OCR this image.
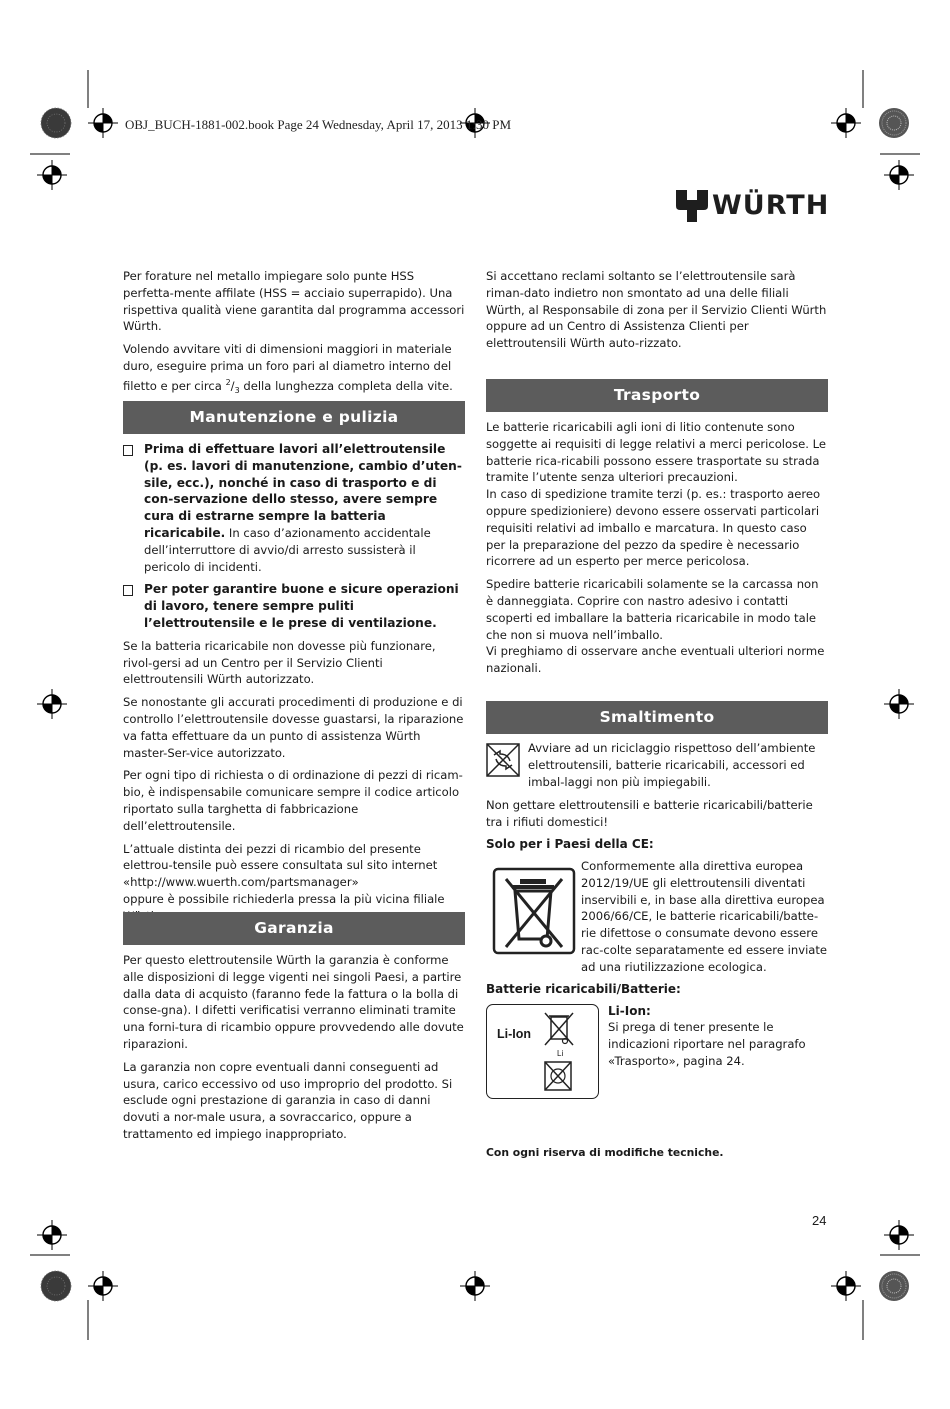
OBJ_BUCH-1881-002.book Page 24 Wednesday, April 17, 2013 1:30 PM
WÜRTH

Per forature nel metallo impiegare solo punte HSS perfetta-mente affilate (HSS = acciaio superrapido). Una rispettiva qualità viene garantita dal programma accessori Würth.

Volendo avvitare viti di dimensioni maggiori in materiale duro, eseguire prima un foro pari al diametro interno del filetto e per circa $^2/_3$ della lunghezza completa della vite.

Manutenzione e pulizia
Prima di effettuare lavori all’elettroutensile (p. es. lavori di manutenzione, cambio d’uten-sile, ecc.), nonché in caso di trasporto e di con-servazione dello stesso, avere sempre cura di estrarne sempre la batteria ricaricabile. In caso d’azionamento accidentale dell’interruttore di avvio/di arresto sussisterà il pericolo di incidenti.
Per poter garantire buone e sicure operazioni di lavoro, tenere sempre puliti l’elettroutensile e le prese di ventilazione.

Se la batteria ricaricabile non dovesse più funzionare, rivol-gersi ad un Centro per il Servizio Clienti elettroutensili Würth autorizzato.

Se nonostante gli accurati procedimenti di produzione e di controllo l’elettroutensile dovesse guastarsi, la riparazione va fatta effettuare da un punto di assistenza Würth master-Ser-vice autorizzato.

Per ogni tipo di richiesta o di ordinazione di pezzi di ricam-bio, è indispensabile comunicare sempre il codice articolo riportato sulla targhetta di fabbricazione dell’elettroutensile.

L’attuale distinta dei pezzi di ricambio del presente elettrou-tensile può essere consultata sul sito internet
«http://www.wuerth.com/partsmanager»
oppure è possibile richiederla pressa la più vicina filiale

Garanzia

Per questo elettroutensile Würth la garanzia è conforme alle disposizioni di legge vigenti nei singoli Paesi, a partire dalla data di acquisto (faranno fede la fattura o la bolla di conse-gna). I difetti verificatisi verranno eliminati tramite una forni-tura di ricambio oppure provvedendo alle dovute riparazioni.

La garanzia non copre eventuali danni conseguenti ad usura, carico eccessivo od uso improprio del prodotto. Si esclude ogni prestazione di garanzia in caso di danni dovuti a nor-male usura, a sovraccarico, oppure a trattamento ed impiego inappropriato.

Si accettano reclami soltanto se l’elettroutensile sarà riman-dato indietro non smontato ad una delle filiali Würth, al Responsabile di zona per il Servizio Clienti Würth oppure ad un Centro di Assistenza Clienti per elettroutensili Würth auto-rizzato.

Trasporto

Le batterie ricaricabili agli ioni di litio contenute sono soggette ai requisiti di legge relativi a merci pericolose. Le batterie rica-ricabili possono essere trasportate su strada tramite l’utente senza ulteriori precauzioni.
In caso di spedizione tramite terzi (p. es.: trasporto aereo oppure spedizioniere) devono essere osservati particolari requisiti relativi ad imballo e marcatura. In questo caso per la preparazione del pezzo da spedire è necessario ricorrere ad un esperto per merce pericolosa.

Spedire batterie ricaricabili solamente se la carcassa non è danneggiata. Coprire con nastro adesivo i contatti scoperti ed imballare la batteria ricaricabile in modo tale che non si muova nell’imballo.
Vi preghiamo di osservare anche eventuali ulteriori norme nazionali.

Smaltimento

Avviare ad un riciclaggio rispettoso dell’ambiente elettroutensili, batterie ricaricabili, accessori ed imbal-laggi non più impiegabili.

Non gettare elettroutensili e batterie ricaricabili/batterie tra i rifiuti domestici!

Solo per i Paesi della CE:

Conformemente alla direttiva europea 2012/19/UE gli elettroutensili diventati inservibili e, in base alla direttiva europea 2006/66/CE, le batterie ricaricabili/batte-rie difettose o consumate devono essere rac-colte separatamente ed essere inviate ad una riutilizzazione ecologica.

Batterie ricaricabili/Batterie:

Li-Ion
Li

Li-Ion:

Si prega di tener presente le indicazioni riportare nel paragrafo «Trasporto», pagina 24.

Con ogni riserva di modifiche tecniche.
24
